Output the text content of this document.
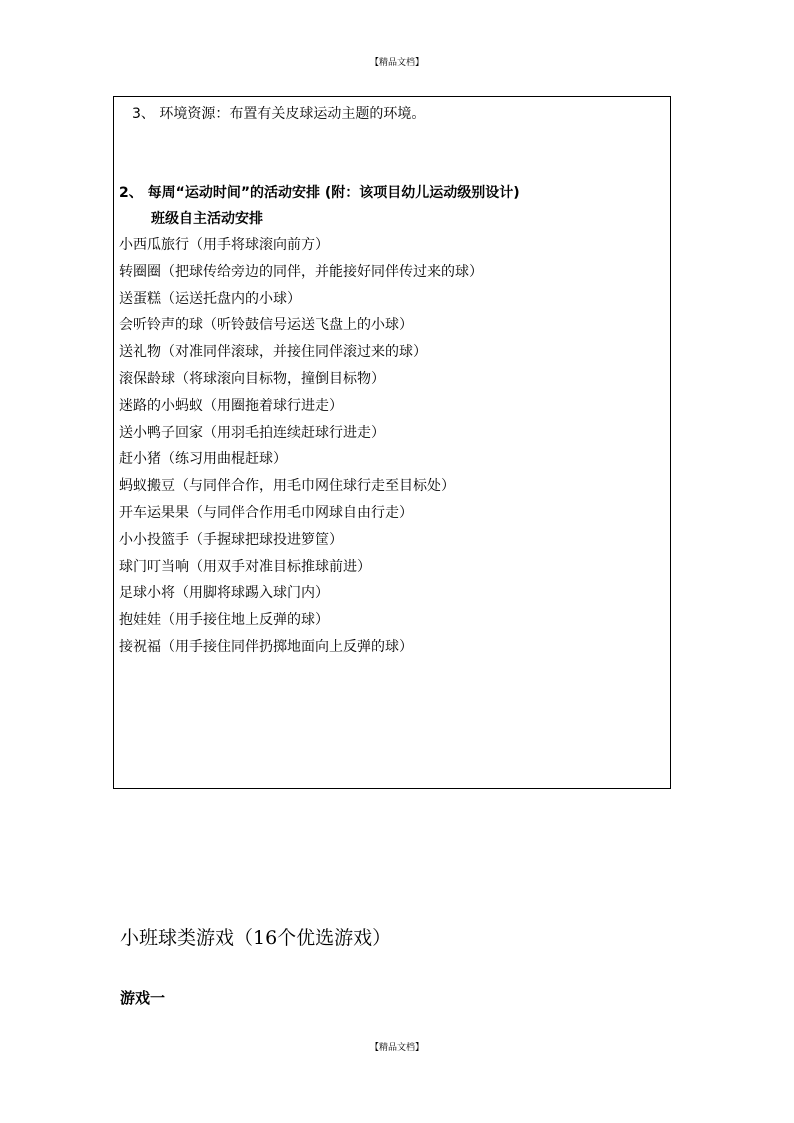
【精品文档】
3、 环境资源：布置有关皮球运动主题的环境。
2、 每周“运动时间”的活动安排 (附：该项目幼儿运动级别设计)
班级自主活动安排
小西瓜旅行（用手将球滚向前方）
转圈圈（把球传给旁边的同伴，并能接好同伴传过来的球）
送蛋糕（运送托盘内的小球）
会听铃声的球（听铃鼓信号运送飞盘上的小球）
送礼物（对准同伴滚球，并接住同伴滚过来的球）
滚保龄球（将球滚向目标物，撞倒目标物）
迷路的小蚂蚁（用圈拖着球行进走）
送小鸭子回家（用羽毛拍连续赶球行进走）
赶小猪（练习用曲棍赶球）
蚂蚁搬豆（与同伴合作，用毛巾网住球行走至目标处）
开车运果果（与同伴合作用毛巾网球自由行走）
小小投篮手（手握球把球投进箩筐）
球门叮当响（用双手对准目标推球前进）
足球小将（用脚将球踢入球门内）
抱娃娃（用手接住地上反弹的球）
接祝福（用手接住同伴扔掷地面向上反弹的球）
小班球类游戏（16个优选游戏）
游戏一
【精品文档】
